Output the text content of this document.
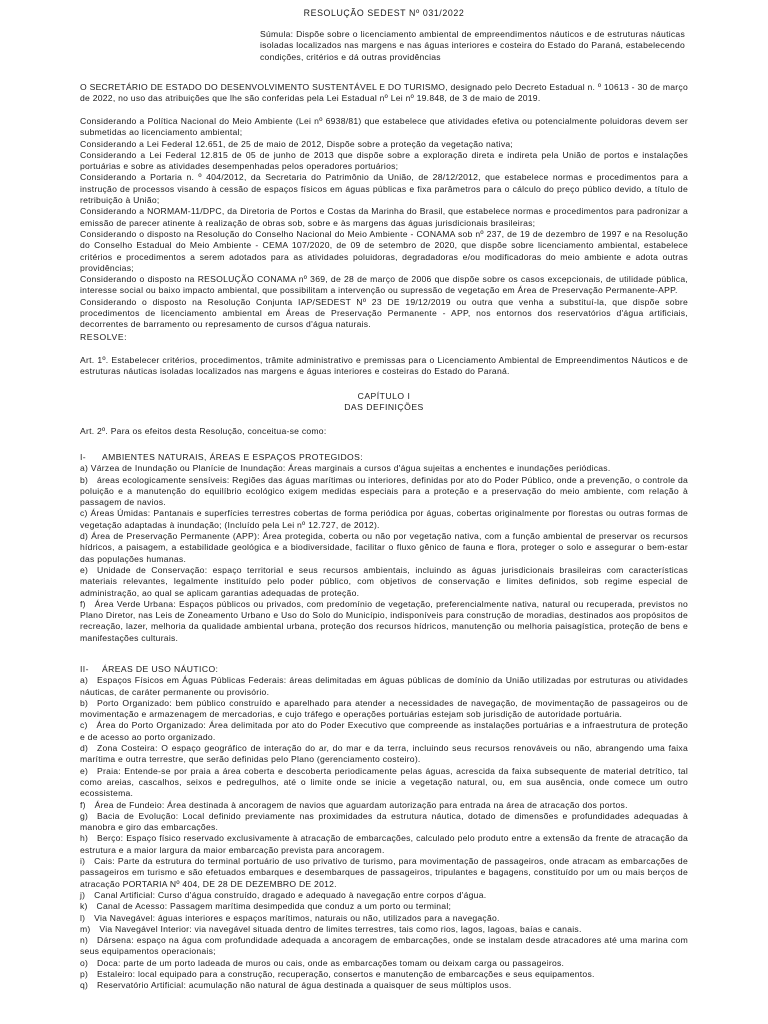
RESOLUÇÃO SEDEST Nº 031/2022
Súmula: Dispõe sobre o licenciamento ambiental de empreendimentos náuticos e de estruturas náuticas isoladas localizados nas margens e nas águas interiores e costeira do Estado do Paraná, estabelecendo condições, critérios e dá outras providências
O SECRETÁRIO DE ESTADO DO DESENVOLVIMENTO SUSTENTÁVEL E DO TURISMO, designado pelo Decreto Estadual n. º 10613 - 30 de março de 2022, no uso das atribuições que lhe são conferidas pela Lei Estadual nº Lei nº 19.848, de 3 de maio de 2019.

Considerando a Política Nacional do Meio Ambiente (Lei nº 6938/81) que estabelece que atividades efetiva ou potencialmente poluidoras devem ser submetidas ao licenciamento ambiental;

Considerando a Lei Federal 12.651, de 25 de maio de 2012, Dispõe sobre a proteção da vegetação nativa;

Considerando a Lei Federal 12.815 de 05 de junho de 2013 que dispõe sobre a exploração direta e indireta pela União de portos e instalações portuárias e sobre as atividades desempenhadas pelos operadores portuários;

Considerando a Portaria n. º 404/2012, da Secretaria do Patrimônio da União, de 28/12/2012, que estabelece normas e procedimentos para a instrução de processos visando à cessão de espaços físicos em águas públicas e fixa parâmetros para o cálculo do preço público devido, a título de retribuição à União;

Considerando a NORMAM-11/DPC, da Diretoria de Portos e Costas da Marinha do Brasil, que estabelece normas e procedimentos para padronizar a emissão de parecer atinente à realização de obras sob, sobre e às margens das águas jurisdicionais brasileiras;

Considerando o disposto na Resolução do Conselho Nacional do Meio Ambiente - CONAMA sob nº 237, de 19 de dezembro de 1997 e na Resolução do Conselho Estadual do Meio Ambiente - CEMA 107/2020, de 09 de setembro de 2020, que dispõe sobre licenciamento ambiental, estabelece critérios e procedimentos a serem adotados para as atividades poluidoras, degradadoras e/ou modificadoras do meio ambiente e adota outras providências;

Considerando o disposto na RESOLUÇÃO CONAMA nº 369, de 28 de março de 2006 que dispõe sobre os casos excepcionais, de utilidade pública, interesse social ou baixo impacto ambiental, que possibilitam a intervenção ou supressão de vegetação em Área de Preservação Permanente-APP.

Considerando o disposto na Resolução Conjunta IAP/SEDEST Nº 23 DE 19/12/2019 ou outra que venha a substituí-la, que dispõe sobre procedimentos de licenciamento ambiental em Áreas de Preservação Permanente - APP, nos entornos dos reservatórios d'água artificiais, decorrentes de barramento ou represamento de cursos d'água naturais.

RESOLVE:
Art. 1º. Estabelecer critérios, procedimentos, trâmite administrativo e premissas para o Licenciamento Ambiental de Empreendimentos Náuticos e de estruturas náuticas isoladas localizados nas margens e águas interiores e costeiras do Estado do Paraná.
CAPÍTULO I
DAS DEFINIÇÕES
Art. 2º. Para os efeitos desta Resolução, conceitua-se como:
I- AMBIENTES NATURAIS, ÁREAS E ESPAÇOS PROTEGIDOS:

a) Várzea de Inundação ou Planície de Inundação: Áreas marginais a cursos d'água sujeitas a enchentes e inundações periódicas.

b) áreas ecologicamente sensíveis: Regiões das águas marítimas ou interiores, definidas por ato do Poder Público, onde a prevenção, o controle da poluição e a manutenção do equilíbrio ecológico exigem medidas especiais para a proteção e a preservação do meio ambiente, com relação à passagem de navios.

c) Áreas Úmidas: Pantanais e superfícies terrestres cobertas de forma periódica por águas, cobertas originalmente por florestas ou outras formas de vegetação adaptadas à inundação; (Incluído pela Lei nº 12.727, de 2012).

d) Área de Preservação Permanente (APP): Área protegida, coberta ou não por vegetação nativa, com a função ambiental de preservar os recursos hídricos, a paisagem, a estabilidade geológica e a biodiversidade, facilitar o fluxo gênico de fauna e flora, proteger o solo e assegurar o bem-estar das populações humanas.

e) Unidade de Conservação: espaço territorial e seus recursos ambientais, incluindo as águas jurisdicionais brasileiras com características materiais relevantes, legalmente instituído pelo poder público, com objetivos de conservação e limites definidos, sob regime especial de administração, ao qual se aplicam garantias adequadas de proteção.

f) Área Verde Urbana: Espaços públicos ou privados, com predomínio de vegetação, preferencialmente nativa, natural ou recuperada, previstos no Plano Diretor, nas Leis de Zoneamento Urbano e Uso do Solo do Município, indisponíveis para construção de moradias, destinados aos propósitos de recreação, lazer, melhoria da qualidade ambiental urbana, proteção dos recursos hídricos, manutenção ou melhoria paisagística, proteção de bens e manifestações culturais.

II- ÁREAS DE USO NÁUTICO:

a) Espaços Físicos em Águas Públicas Federais: áreas delimitadas em águas públicas de domínio da União utilizadas por estruturas ou atividades náuticas, de caráter permanente ou provisório.

b) Porto Organizado: bem público construído e aparelhado para atender a necessidades de navegação, de movimentação de passageiros ou de movimentação e armazenagem de mercadorias, e cujo tráfego e operações portuárias estejam sob jurisdição de autoridade portuária.

c) Área do Porto Organizado: Área delimitada por ato do Poder Executivo que compreende as instalações portuárias e a infraestrutura de proteção e de acesso ao porto organizado.

d) Zona Costeira: O espaço geográfico de interação do ar, do mar e da terra, incluindo seus recursos renováveis ou não, abrangendo uma faixa marítima e outra terrestre, que serão definidas pelo Plano (gerenciamento costeiro).

e) Praia: Entende-se por praia a área coberta e descoberta periodicamente pelas águas, acrescida da faixa subsequente de material detrítico, tal como areias, cascalhos, seixos e pedregulhos, até o limite onde se inicie a vegetação natural, ou, em sua ausência, onde comece um outro ecossistema.

f) Área de Fundeio: Área destinada à ancoragem de navios que aguardam autorização para entrada na área de atracação dos portos.

g) Bacia de Evolução: Local definido previamente nas proximidades da estrutura náutica, dotado de dimensões e profundidades adequadas à manobra e giro das embarcações.

h) Berço: Espaço físico reservado exclusivamente à atracação de embarcações, calculado pelo produto entre a extensão da frente de atracação da estrutura e a maior largura da maior embarcação prevista para ancoragem.

i) Cais: Parte da estrutura do terminal portuário de uso privativo de turismo, para movimentação de passageiros, onde atracam as embarcações de passageiros em turismo e são efetuados embarques e desembarques de passageiros, tripulantes e bagagens, constituído por um ou mais berços de atracação PORTARIA Nº 404, DE 28 DE DEZEMBRO DE 2012.

j) Canal Artificial: Curso d'água construído, dragado e adequado à navegação entre corpos d'água.

k) Canal de Acesso: Passagem marítima desimpedida que conduz a um porto ou terminal;

l) Via Navegável: águas interiores e espaços marítimos, naturais ou não, utilizados para a navegação.

m) Via Navegável Interior: via navegável situada dentro de limites terrestres, tais como rios, lagos, lagoas, baías e canais.

n) Dársena: espaço na água com profundidade adequada a ancoragem de embarcações, onde se instalam desde atracadores até uma marina com seus equipamentos operacionais;

o) Doca: parte de um porto ladeada de muros ou cais, onde as embarcações tomam ou deixam carga ou passageiros.

p) Estaleiro: local equipado para a construção, recuperação, consertos e manutenção de embarcações e seus equipamentos.

q) Reservatório Artificial: acumulação não natural de água destinada a quaisquer de seus múltiplos usos.
